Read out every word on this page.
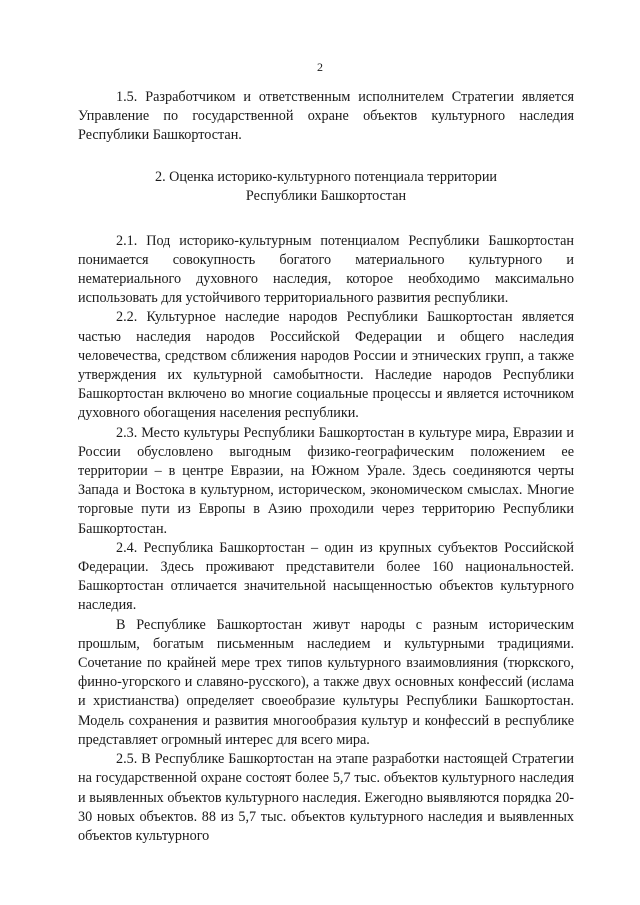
2

1.5. Разработчиком и ответственным исполнителем Стратегии является Управление по государственной охране объектов культурного наследия Республики Башкортостан.

2. Оценка историко-культурного потенциала территории
Республики Башкортостан

2.1. Под историко-культурным потенциалом Республики Башкортостан понимается совокупность богатого материального культурного и нематериального духовного наследия, которое необходимо максимально использовать для устойчивого территориального развития республики.

2.2. Культурное наследие народов Республики Башкортостан является частью наследия народов Российской Федерации и общего наследия человечества, средством сближения народов России и этнических групп, а также утверждения их культурной самобытности. Наследие народов Республики Башкортостан включено во многие социальные процессы и является источником духовного обогащения населения республики.

2.3. Место культуры Республики Башкортостан в культуре мира, Евразии и России обусловлено выгодным физико-географическим положением ее территории – в центре Евразии, на Южном Урале. Здесь соединяются черты Запада и Востока в культурном, историческом, экономическом смыслах. Многие торговые пути из Европы в Азию проходили через территорию Республики Башкортостан.

2.4. Республика Башкортостан – один из крупных субъектов Российской Федерации. Здесь проживают представители более 160 национальностей. Башкортостан отличается значительной насыщенностью объектов культурного наследия.

В Республике Башкортостан живут народы с разным историческим прошлым, богатым письменным наследием и культурными традициями. Сочетание по крайней мере трех типов культурного взаимовлияния (тюркского, финно-угорского и славяно-русского), а также двух основных конфессий (ислама и христианства) определяет своеобразие культуры Республики Башкортостан. Модель сохранения и развития многообразия культур и конфессий в республике представляет огромный интерес для всего мира.

2.5. В Республике Башкортостан на этапе разработки настоящей Стратегии на государственной охране состоят более 5,7 тыс. объектов культурного наследия и выявленных объектов культурного наследия. Ежегодно выявляются порядка 20-30 новых объектов. 88 из 5,7 тыс. объектов культурного наследия и выявленных объектов культурного
